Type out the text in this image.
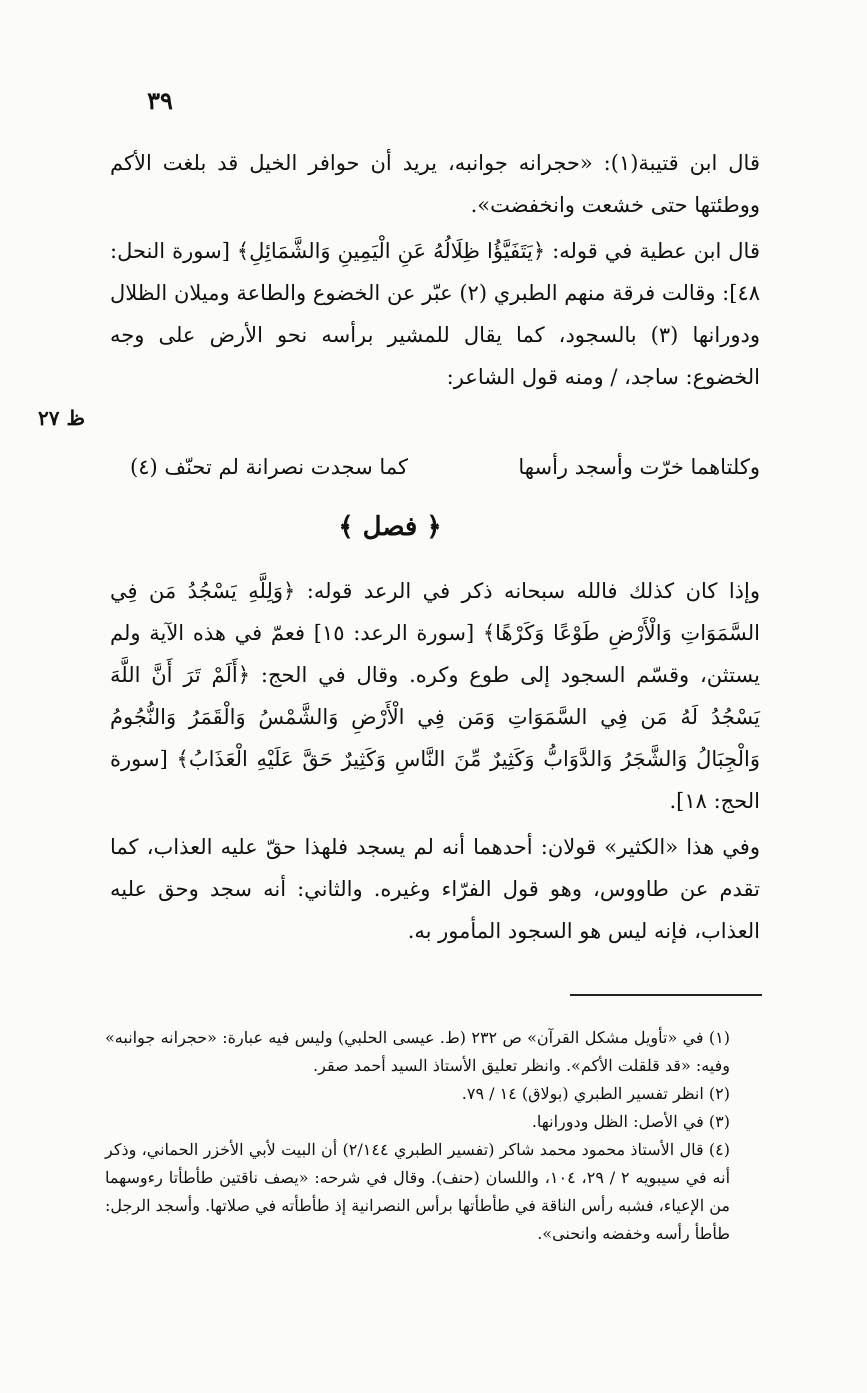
٣٩
ظ ٢٧

قال ابن قتيبة(١): «حجرانه جوانبه، يريد أن حوافر الخيل قد بلغت الأكم ووطئتها حتى خشعت وانخفضت».

قال ابن عطية في قوله: ﴿يَتَفَيَّؤُا ظِلَالُهُ عَنِ الْيَمِينِ وَالشَّمَائِلِ﴾ [سورة النحل: ٤٨]: وقالت فرقة منهم الطبري (٢) عبّر عن الخضوع والطاعة وميلان الظلال ودورانها (٣) بالسجود، كما يقال للمشير برأسه نحو الأرض على وجه الخضوع: ساجد، / ومنه قول الشاعر:

وكلتاهما خرّت وأسجد رأسها
كما سجدت نصرانة لم تحنّف (٤)
﴿ فصل ﴾

وإذا كان كذلك فالله سبحانه ذكر في الرعد قوله: ﴿وَلِلَّهِ يَسْجُدُ مَن فِي السَّمَوَاتِ وَالْأَرْضِ طَوْعًا وَكَرْهًا﴾ [سورة الرعد: ١٥] فعمّ في هذه الآية ولم يستثن، وقسّم السجود إلى طوع وكره. وقال في الحج: ﴿أَلَمْ تَرَ أَنَّ اللَّهَ يَسْجُدُ لَهُ مَن فِي السَّمَوَاتِ وَمَن فِي الْأَرْضِ وَالشَّمْسُ وَالْقَمَرُ وَالنُّجُومُ وَالْجِبَالُ وَالشَّجَرُ وَالدَّوَابُّ وَكَثِيرٌ مِّنَ النَّاسِ وَكَثِيرٌ حَقَّ عَلَيْهِ الْعَذَابُ﴾ [سورة الحج: ١٨].

وفي هذا «الكثير» قولان: أحدهما أنه لم يسجد فلهذا حقّ عليه العذاب، كما تقدم عن طاووس، وهو قول الفرّاء وغيره. والثاني: أنه سجد وحق عليه العذاب، فإنه ليس هو السجود المأمور به.

(١) في «تأويل مشكل القرآن» ص ٢٣٢ (ط. عيسى الحلبي) وليس فيه عبارة: «حجرانه جوانبه» وفيه: «قد قلقلت الأكم». وانظر تعليق الأستاذ السيد أحمد صقر.

(٢) انظر تفسير الطبري (بولاق) ١٤ / ٧٩.

(٣) في الأصل: الظل ودورانها.

(٤) قال الأستاذ محمود محمد شاكر (تفسير الطبري ٢/١٤٤) أن البيت لأبي الأخزر الحماني، وذكر أنه في سيبويه ٢ / ٢٩، ١٠٤، واللسان (حنف). وقال في شرحه: «يصف ناقتين طأطأتا رءوسهما من الإعياء، فشبه رأس الناقة في طأطأتها برأس النصرانية إذ طأطأته في صلاتها. وأسجد الرجل: طأطأ رأسه وخفضه وانحنى».
